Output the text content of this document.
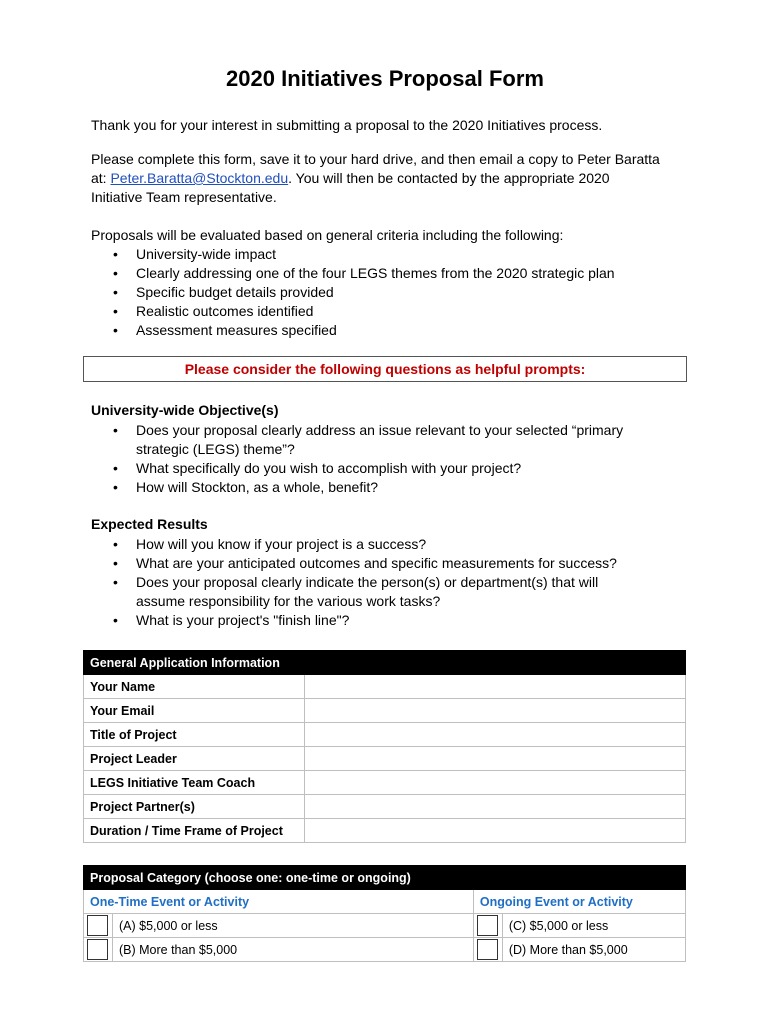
2020 Initiatives Proposal Form
Thank you for your interest in submitting a proposal to the 2020 Initiatives process.
Please complete this form, save it to your hard drive, and then email a copy to Peter Baratta
at: Peter.Baratta@Stockton.edu. You will then be contacted by the appropriate 2020
Initiative Team representative.
Proposals will be evaluated based on general criteria including the following:
• University-wide impact
• Clearly addressing one of the four LEGS themes from the 2020 strategic plan
• Specific budget details provided
• Realistic outcomes identified
• Assessment measures specified
Please consider the following questions as helpful prompts:
University-wide Objective(s)
• Does your proposal clearly address an issue relevant to your selected “primary strategic (LEGS) theme”?
• What specifically do you wish to accomplish with your project?
• How will Stockton, as a whole, benefit?
Expected Results
• How will you know if your project is a success?
• What are your anticipated outcomes and specific measurements for success?
• Does your proposal clearly indicate the person(s) or department(s) that will assume responsibility for the various work tasks?
• What is your project's "finish line"?
General Application Information	
Your Name	
Your Email	
Title of Project	
Project Leader	
LEGS Initiative Team Coach	
Project Partner(s)	
Duration / Time Frame of Project	
Proposal Category (choose one: one-time or ongoing)			
One-Time Event or Activity		Ongoing Event or Activity	
	(A) $5,000 or less		(C) $5,000 or less
	(B) More than $5,000		(D) More than $5,000
